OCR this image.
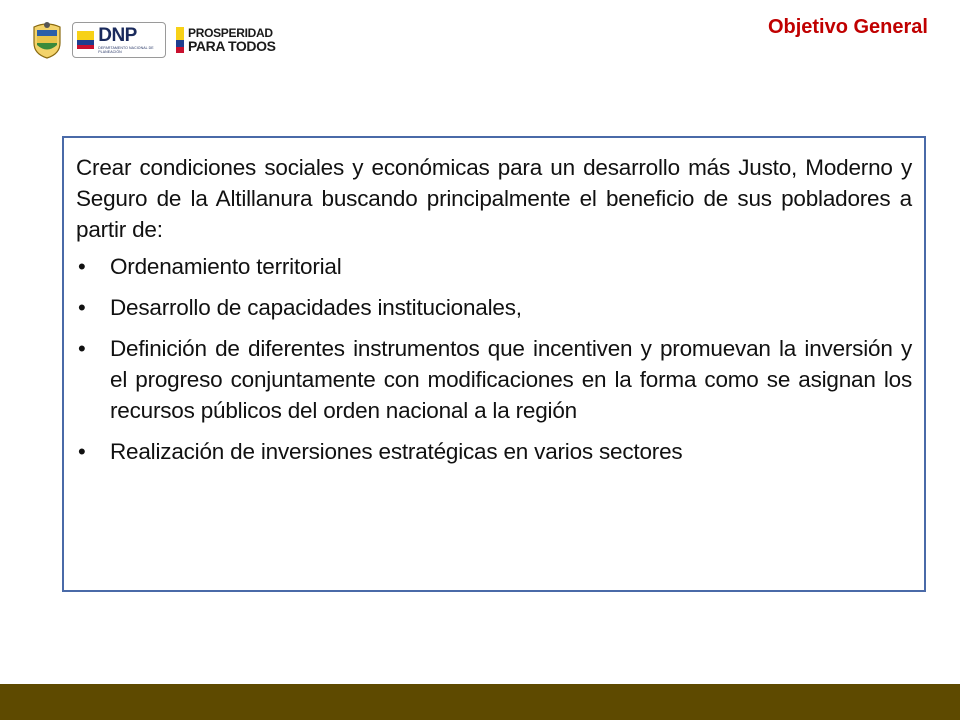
DNP
DEPARTAMENTO NACIONAL DE PLANEACIÓN
PROSPERIDAD
PARA TODOS
Objetivo General

Crear condiciones sociales y económicas para un desarrollo más Justo, Moderno y Seguro de la Altillanura buscando principalmente el beneficio de sus pobladores a partir de:

• Ordenamiento territorial
• Desarrollo de capacidades institucionales,
• Definición de diferentes instrumentos que incentiven y promuevan la inversión y el progreso conjuntamente con modificaciones en la forma como se asignan los recursos públicos del orden nacional a la región
• Realización de inversiones estratégicas en varios sectores
